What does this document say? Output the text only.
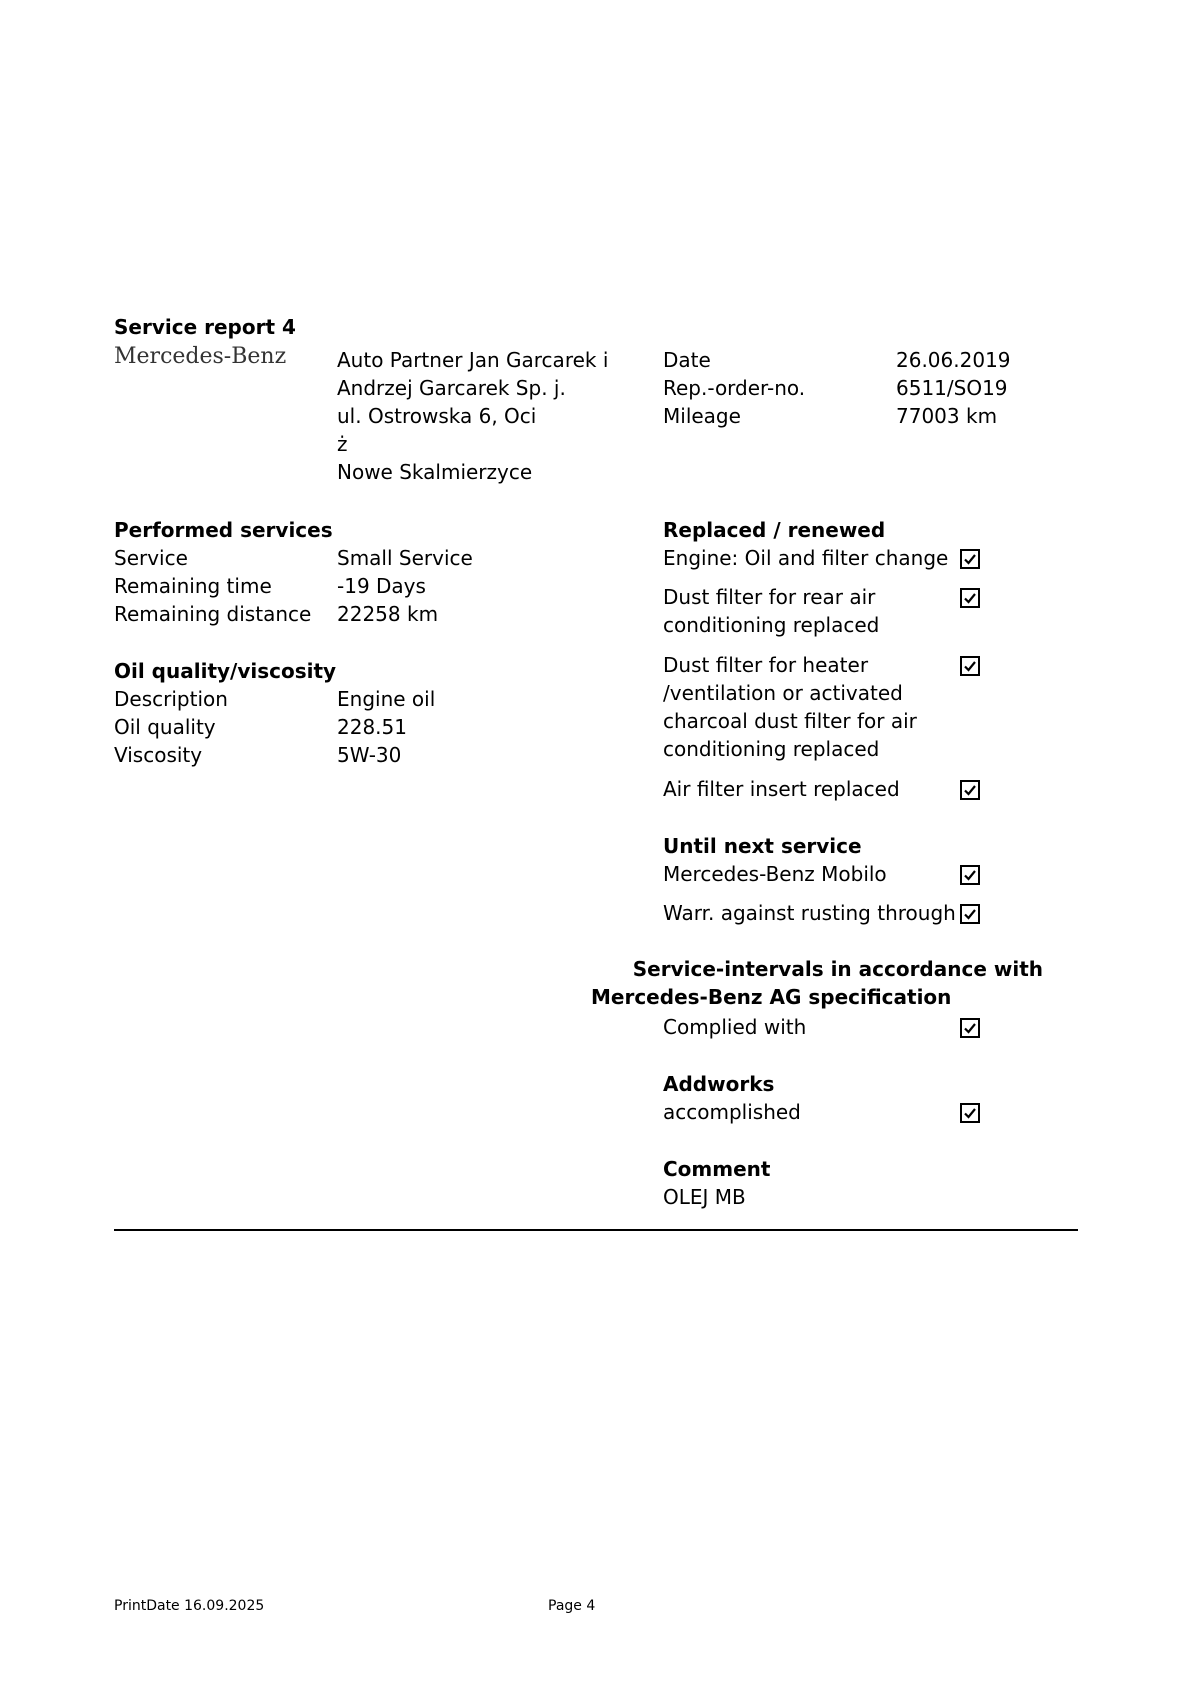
Service report 4
Mercedes-Benz	Auto Partner Jan Garcarek i
Andrzej Garcarek Sp. j.
ul. Ostrowska 6, Oci
ż
Nowe Skalmierzyce
Date	26.06.2019
Rep.-order-no.	6511/SO19
Mileage	77003 km
Performed services
Service	Small Service
Remaining time	-19 Days
Remaining distance 22258 km
Oil quality/viscosity
Description	Engine oil
Oil quality	228.51
Viscosity	5W-30
Replaced / renewed
Engine: Oil and filter change
Dust filter for rear air
conditioning replaced
Dust filter for heater
/ventilation or activated
charcoal dust filter for air
conditioning replaced
Air filter insert replaced
Until next service
Mercedes-Benz Mobilo
Warr. against rusting through
Service-intervals in accordance with
Mercedes-Benz AG specification
Complied with
Addworks
accomplished
Comment
OLEJ MB
PrintDate 16.09.2025	Page 4
